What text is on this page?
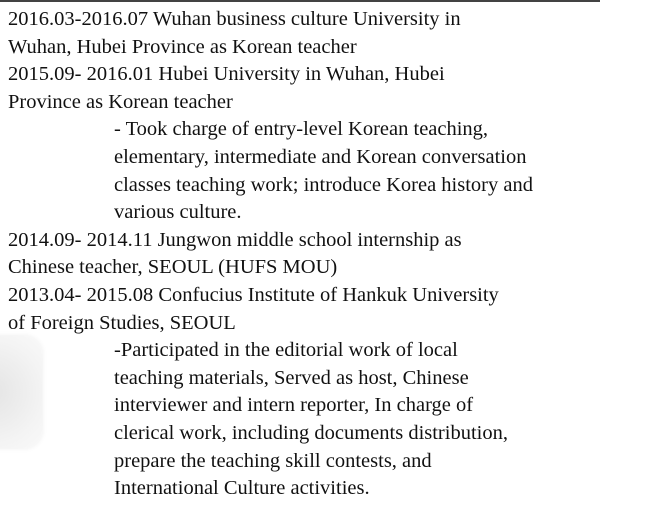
2016.03-2016.07 Wuhan business culture University in
Wuhan, Hubei Province as Korean teacher
2015.09- 2016.01 Hubei University in Wuhan, Hubei
Province as Korean teacher
- Took charge of entry-level Korean teaching,
elementary, intermediate and Korean conversation
classes teaching work; introduce Korea history and
various culture.
2014.09- 2014.11 Jungwon middle school internship as
Chinese teacher, SEOUL (HUFS MOU)
2013.04- 2015.08 Confucius Institute of Hankuk University
of Foreign Studies, SEOUL
-Participated in the editorial work of local
teaching materials, Served as host, Chinese
interviewer and intern reporter, In charge of
clerical work, including documents distribution,
prepare the teaching skill contests, and
International Culture activities.
